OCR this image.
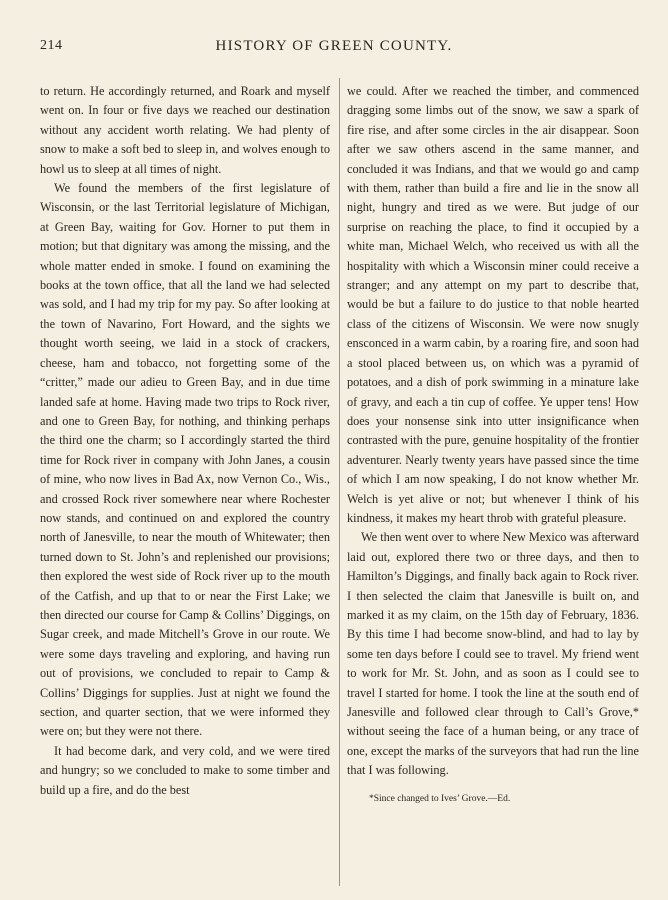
214	HISTORY OF GREEN COUNTY.

to return. He accordingly returned, and Roark and myself went on. In four or five days we reached our destination without any accident worth relating. We had plenty of snow to make a soft bed to sleep in, and wolves enough to howl us to sleep at all times of night.

We found the members of the first legislature of Wisconsin, or the last Territorial legislature of Michigan, at Green Bay, waiting for Gov. Horner to put them in motion; but that dignitary was among the missing, and the whole matter ended in smoke. I found on examining the books at the town office, that all the land we had selected was sold, and I had my trip for my pay. So after looking at the town of Navarino, Fort Howard, and the sights we thought worth seeing, we laid in a stock of crackers, cheese, ham and tobacco, not forgetting some of the “critter,” made our adieu to Green Bay, and in due time landed safe at home. Having made two trips to Rock river, and one to Green Bay, for nothing, and thinking perhaps the third one the charm; so I accordingly started the third time for Rock river in company with John Janes, a cousin of mine, who now lives in Bad Ax, now Vernon Co., Wis., and crossed Rock river somewhere near where Rochester now stands, and continued on and explored the country north of Janesville, to near the mouth of Whitewater; then turned down to St. John’s and replenished our provisions; then explored the west side of Rock river up to the mouth of the Catfish, and up that to or near the First Lake; we then directed our course for Camp & Collins’ Diggings, on Sugar creek, and made Mitchell’s Grove in our route. We were some days traveling and exploring, and having run out of provisions, we concluded to repair to Camp & Collins’ Diggings for supplies. Just at night we found the section, and quarter section, that we were informed they were on; but they were not there.

It had become dark, and very cold, and we were tired and hungry; so we concluded to make to some timber and build up a fire, and do the best

we could. After we reached the timber, and commenced dragging some limbs out of the snow, we saw a spark of fire rise, and after some circles in the air disappear. Soon after we saw others ascend in the same manner, and concluded it was Indians, and that we would go and camp with them, rather than build a fire and lie in the snow all night, hungry and tired as we were. But judge of our surprise on reaching the place, to find it occupied by a white man, Michael Welch, who received us with all the hospitality with which a Wisconsin miner could receive a stranger; and any attempt on my part to describe that, would be but a failure to do justice to that noble hearted class of the citizens of Wisconsin. We were now snugly ensconced in a warm cabin, by a roaring fire, and soon had a stool placed between us, on which was a pyramid of potatoes, and a dish of pork swimming in a minature lake of gravy, and each a tin cup of coffee. Ye upper tens! How does your nonsense sink into utter insignificance when contrasted with the pure, genuine hospitality of the frontier adventurer. Nearly twenty years have passed since the time of which I am now speaking, I do not know whether Mr. Welch is yet alive or not; but whenever I think of his kindness, it makes my heart throb with grateful pleasure.

We then went over to where New Mexico was afterward laid out, explored there two or three days, and then to Hamilton’s Diggings, and finally back again to Rock river. I then selected the claim that Janesville is built on, and marked it as my claim, on the 15th day of February, 1836. By this time I had become snow-blind, and had to lay by some ten days before I could see to travel. My friend went to work for Mr. St. John, and as soon as I could see to travel I started for home. I took the line at the south end of Janesville and followed clear through to Call’s Grove,* without seeing the face of a human being, or any trace of one, except the marks of the surveyors that had run the line that I was following.

*Since changed to Ives’ Grove.—Ed.
